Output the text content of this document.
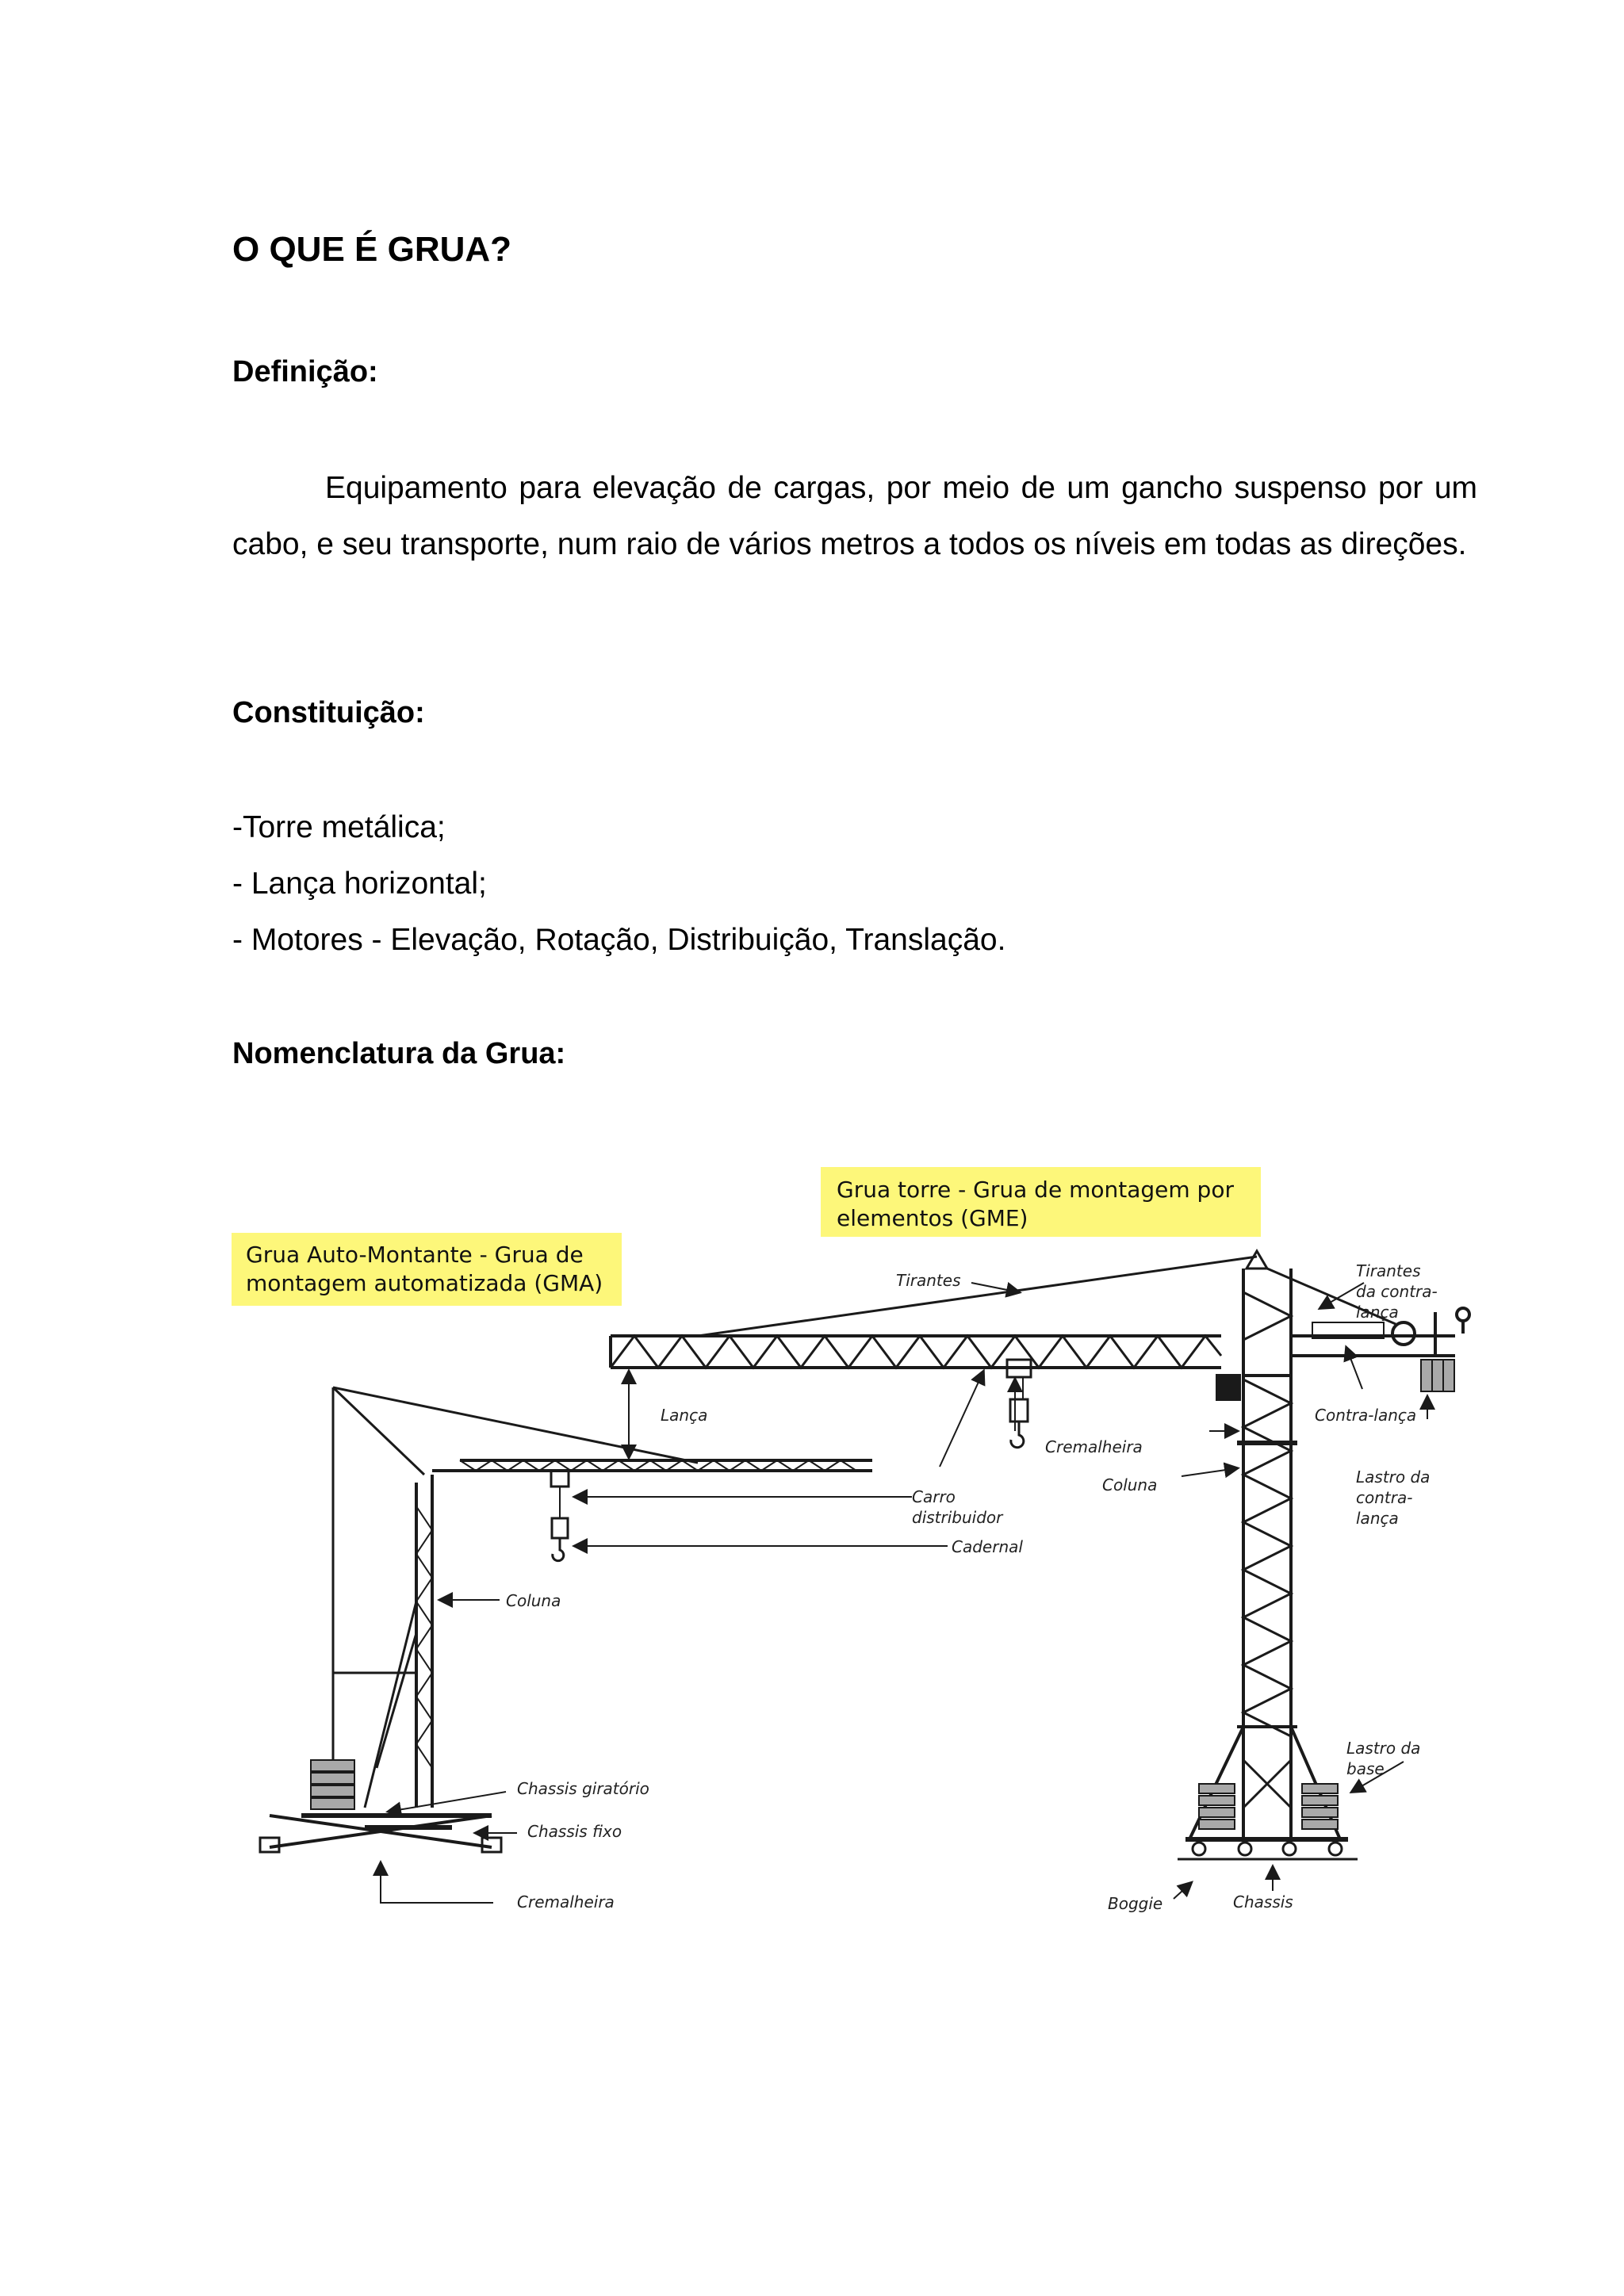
O QUE É GRUA?
Definição:

Equipamento para elevação de cargas, por meio de um gancho suspenso por um cabo, e seu transporte, num raio de vários metros a todos os níveis em todas as direções.

Constituição:
-Torre metálica;
- Lança horizontal;
- Motores - Elevação, Rotação, Distribuição, Translação.
Nomenclatura da Grua:
Grua torre - Grua de montagem por
elementos (GME)
Grua Auto-Montante - Grua de
montagem automatizada (GMA)	Tirantes	Tirantes
da contra-
lança
Lança
Cremalheira
Contra-lança
Coluna	Lastro da
contra-
lança
Carro
distribuidor
Cadernal
Coluna
Lastro da
base
Chassis giratório
Chassis fixo
Cremalheira	Boggie	Chassis
